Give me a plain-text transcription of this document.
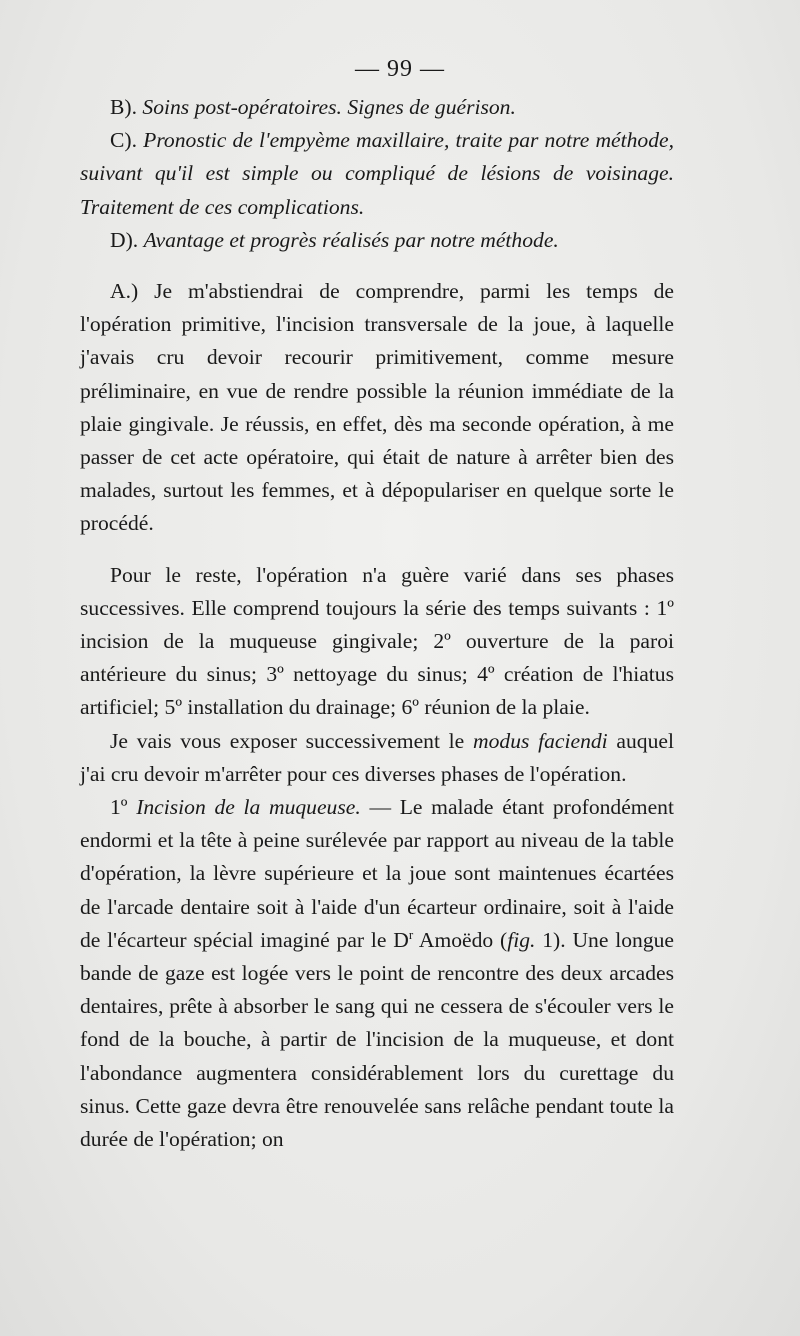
— 99 —

B). Soins post-opératoires. Signes de guérison.

C). Pronostic de l'empyème maxillaire, traite par notre méthode, suivant qu'il est simple ou compliqué de lésions de voisinage. Traitement de ces complications.

D). Avantage et progrès réalisés par notre méthode.

A.) Je m'abstiendrai de comprendre, parmi les temps de l'opération primitive, l'incision transversale de la joue, à laquelle j'avais cru devoir recourir primitivement, comme mesure préliminaire, en vue de rendre possible la réunion immédiate de la plaie gingivale. Je réussis, en effet, dès ma seconde opération, à me passer de cet acte opératoire, qui était de nature à arrêter bien des malades, surtout les femmes, et à dépopulariser en quelque sorte le procédé.

Pour le reste, l'opération n'a guère varié dans ses phases successives. Elle comprend toujours la série des temps suivants : 1º incision de la muqueuse gingivale; 2º ouverture de la paroi antérieure du sinus; 3º nettoyage du sinus; 4º création de l'hiatus artificiel; 5º installation du drainage; 6º réunion de la plaie.

Je vais vous exposer successivement le modus faciendi auquel j'ai cru devoir m'arrêter pour ces diverses phases de l'opération.

1º Incision de la muqueuse. — Le malade étant profondément endormi et la tête à peine surélevée par rapport au niveau de la table d'opération, la lèvre supérieure et la joue sont maintenues écartées de l'arcade dentaire soit à l'aide d'un écarteur ordinaire, soit à l'aide de l'écarteur spécial imaginé par le $D^r$ Amoëdo (fig. 1). Une longue bande de gaze est logée vers le point de rencontre des deux arcades dentaires, prête à absorber le sang qui ne cessera de s'écouler vers le fond de la bouche, à partir de l'incision de la muqueuse, et dont l'abondance augmentera considérablement lors du curettage du sinus. Cette gaze devra être renouvelée sans relâche pendant toute la durée de l'opération; on
